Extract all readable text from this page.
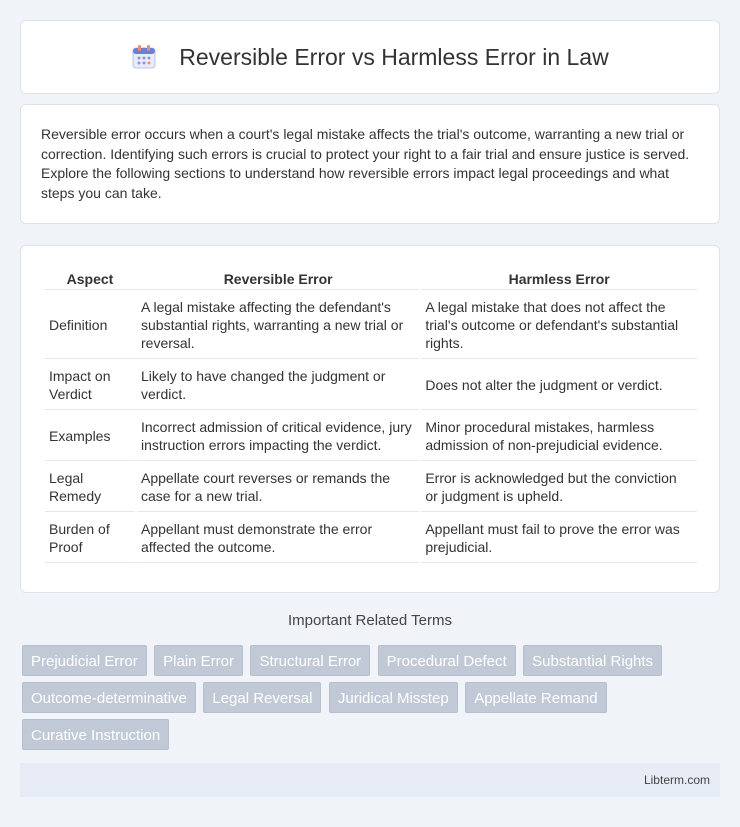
Reversible Error vs Harmless Error in Law

Reversible error occurs when a court's legal mistake affects the trial's outcome, warranting a new trial or correction. Identifying such errors is crucial to protect your right to a fair trial and ensure justice is served. Explore the following sections to understand how reversible errors impact legal proceedings and what steps you can take.

Aspect	Reversible Error	Harmless Error
Definition	A legal mistake affecting the defendant's substantial rights, warranting a new trial or reversal.	A legal mistake that does not affect the trial's outcome or defendant's substantial rights.
Impact on Verdict	Likely to have changed the judgment or verdict.	Does not alter the judgment or verdict.
Examples	Incorrect admission of critical evidence, jury instruction errors impacting the verdict.	Minor procedural mistakes, harmless admission of non-prejudicial evidence.
Legal Remedy	Appellate court reverses or remands the case for a new trial.	Error is acknowledged but the conviction or judgment is upheld.
Burden of Proof	Appellant must demonstrate the error affected the outcome.	Appellant must fail to prove the error was prejudicial.
Important Related Terms
Prejudicial Error Plain Error Structural Error Procedural Defect Substantial Rights Outcome-determinative Legal Reversal Juridical Misstep Appellate Remand Curative Instruction
Libterm.com
